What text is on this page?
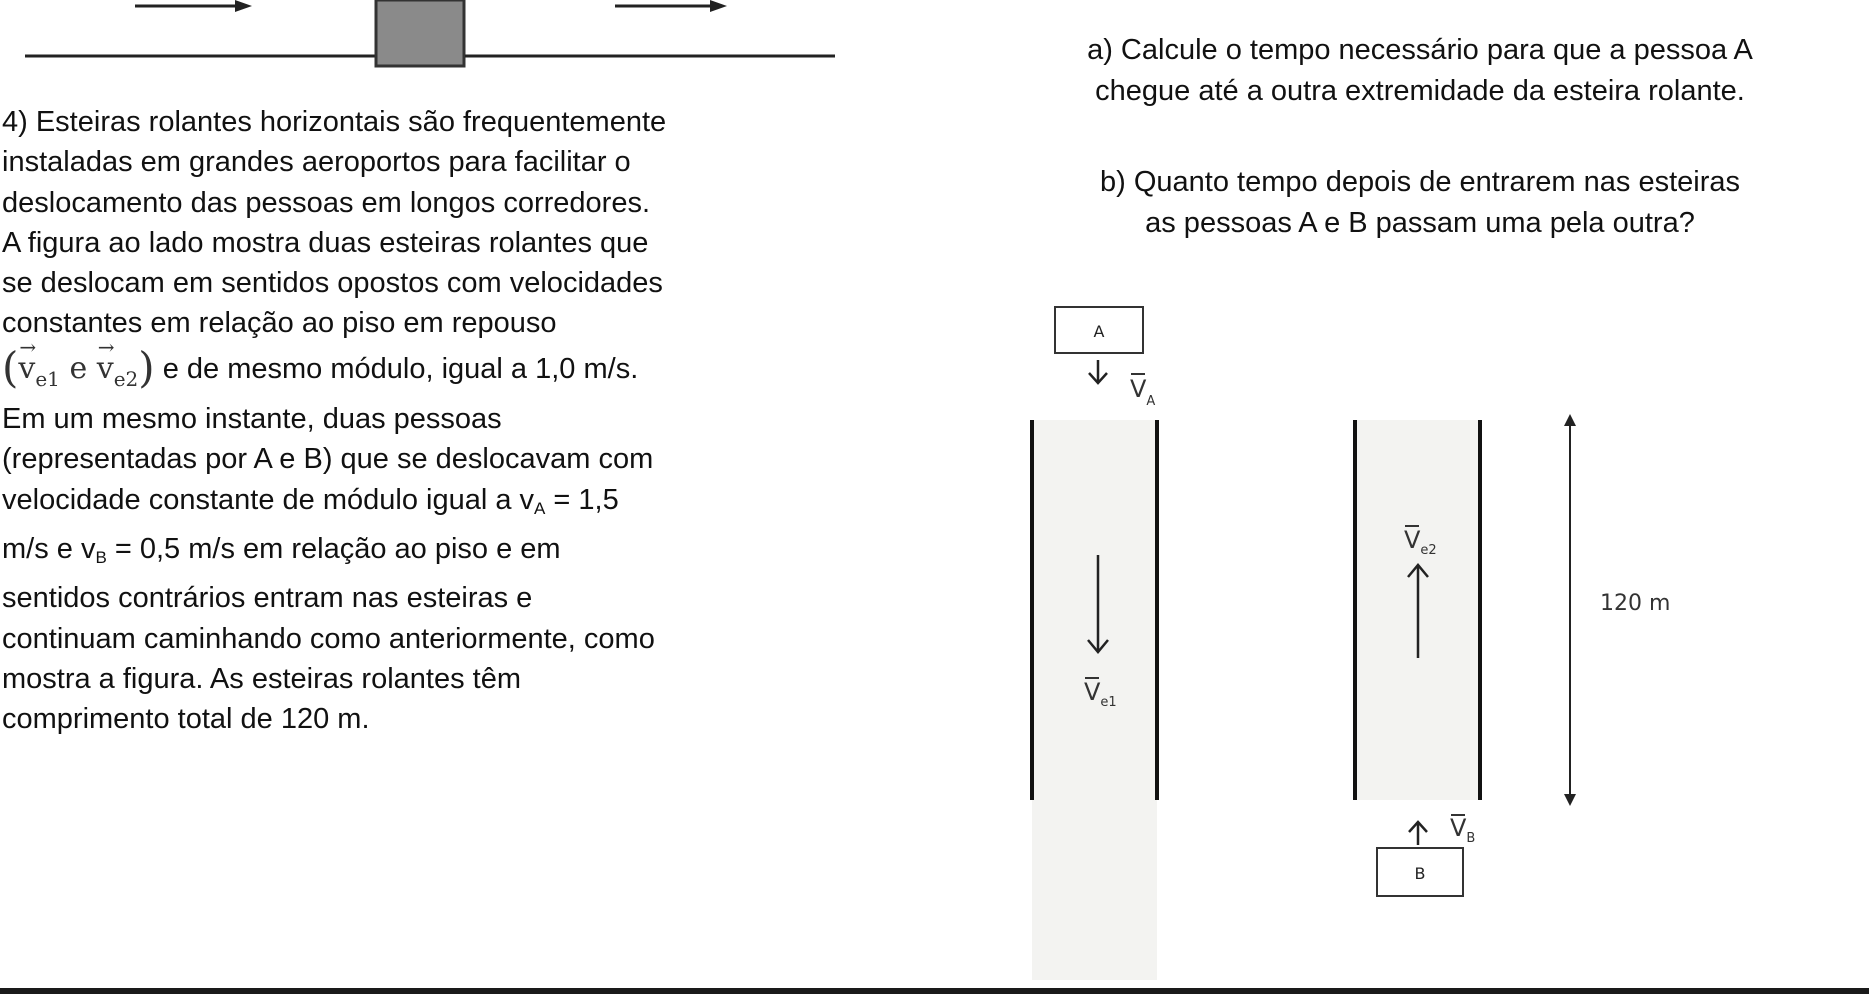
4) Esteiras rolantes horizontais são frequentemente
instaladas em grandes aeroportos para facilitar o
deslocamento das pessoas em longos corredores.
A figura ao lado mostra duas esteiras rolantes que
se deslocam em sentidos opostos com velocidades
constantes em relação ao piso em repouso
(→ $v_{e1}$ $e \to v_{e2}$) e de mesmo módulo, igual a 1,0 m/s.
Em um mesmo instante, duas pessoas
(representadas por A e B) que se deslocavam com
velocidade constante de módulo igual a $v_A = 1,5$
m/s e $v_B = 0,5$ m/s em relação ao piso e em
sentidos contrários entram nas esteiras e
continuam caminhando como anteriormente, como
mostra a figura. As esteiras rolantes têm
comprimento total de 120 m.
a) Calcule o tempo necessário para que a pessoa A
chegue até a outra extremidade da esteira rolante.
b) Quanto tempo depois de entrarem nas esteiras
as pessoas A e B passam uma pela outra?
A
$V_A$
$V_{e1}$
$V_{e2}$
120 m
$V_B$
B
